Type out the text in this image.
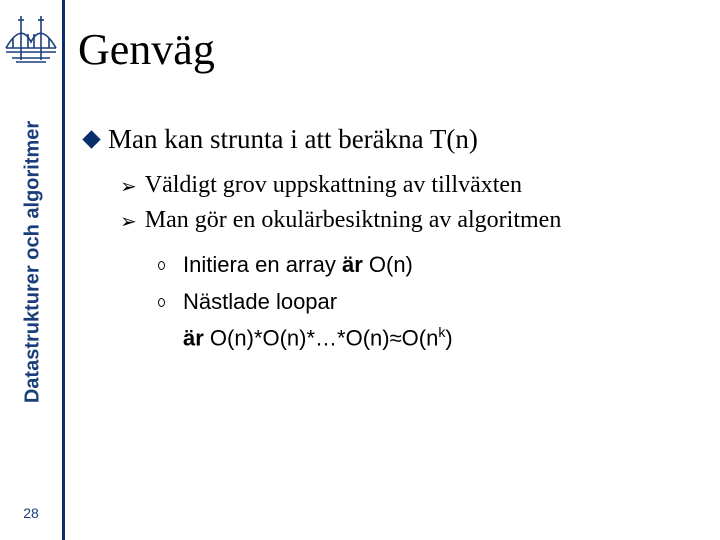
Datastrukturer och algoritmer
28
Genväg
Man kan strunta i att beräkna T(n)
➢ Väldigt grov uppskattning av tillväxten
➢ Man gör en okulärbesiktning av algoritmen
Initiera en array är O(n)
Nästlade loopar
är $O(n)*O(n)*\dots*O(n)\approx O(n^k)$
